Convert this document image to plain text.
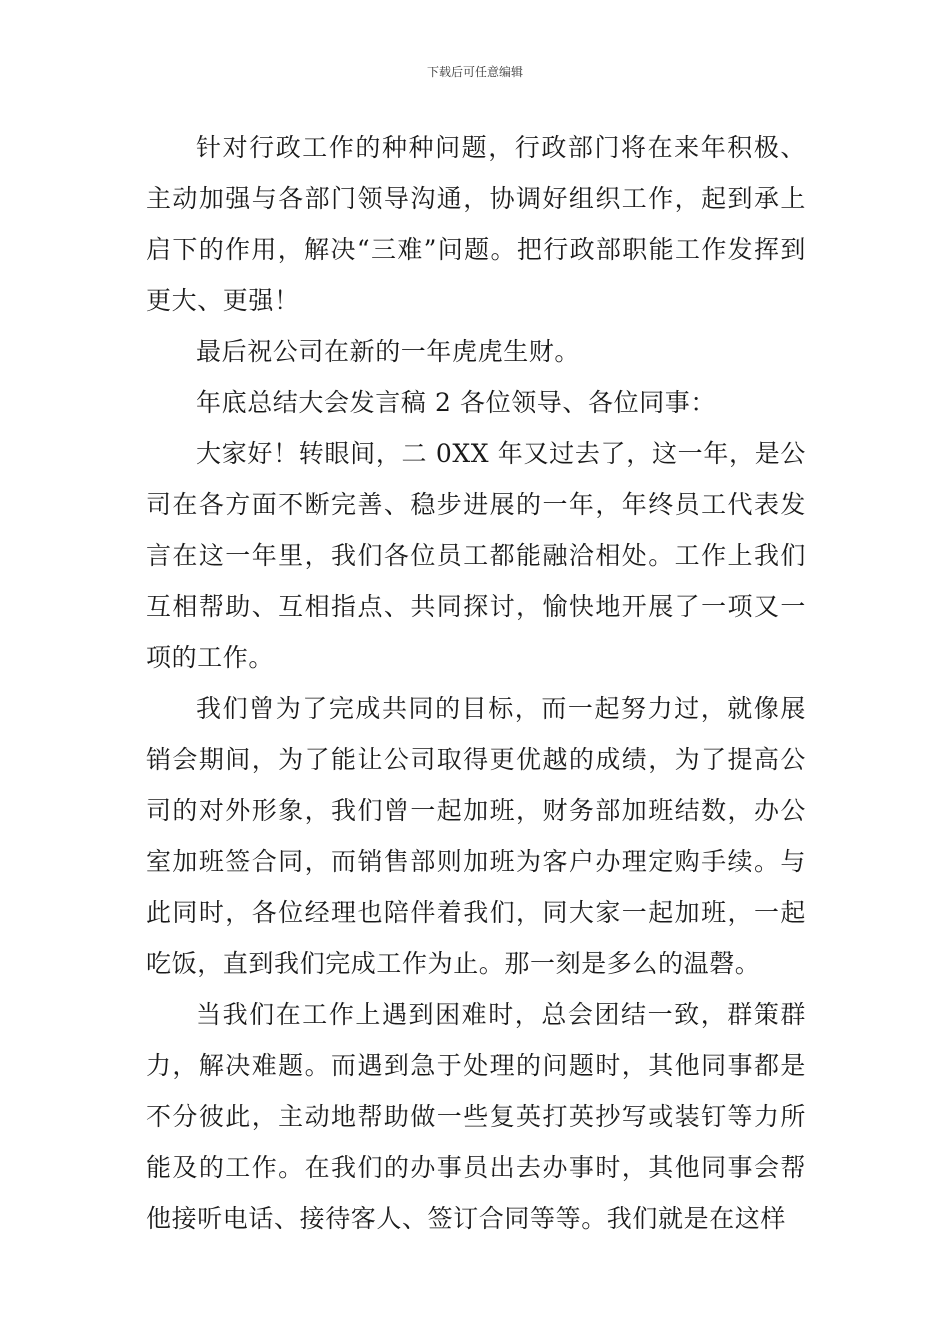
下载后可任意编辑

针对行政工作的种种问题，行政部门将在来年积极、主动加强与各部门领导沟通，协调好组织工作，起到承上启下的作用，解决“三难”问题。把行政部职能工作发挥到更大、更强！

最后祝公司在新的一年虎虎生财。

年底总结大会发言稿 2 各位领导、各位同事：

大家好！转眼间，二 0XX 年又过去了，这一年，是公司在各方面不断完善、稳步进展的一年，年终员工代表发言在这一年里，我们各位员工都能融洽相处。工作上我们互相帮助、互相指点、共同探讨，愉快地开展了一项又一项的工作。

我们曾为了完成共同的目标，而一起努力过，就像展销会期间，为了能让公司取得更优越的成绩，为了提高公司的对外形象，我们曾一起加班，财务部加班结数，办公室加班签合同，而销售部则加班为客户办理定购手续。与此同时，各位经理也陪伴着我们，同大家一起加班，一起吃饭，直到我们完成工作为止。那一刻是多么的温磬。

当我们在工作上遇到困难时，总会团结一致，群策群力，解决难题。而遇到急于处理的问题时，其他同事都是不分彼此，主动地帮助做一些复英打英抄写或装钉等力所能及的工作。在我们的办事员出去办事时，其他同事会帮他接听电话、接待客人、签订合同等等。我们就是在这样
